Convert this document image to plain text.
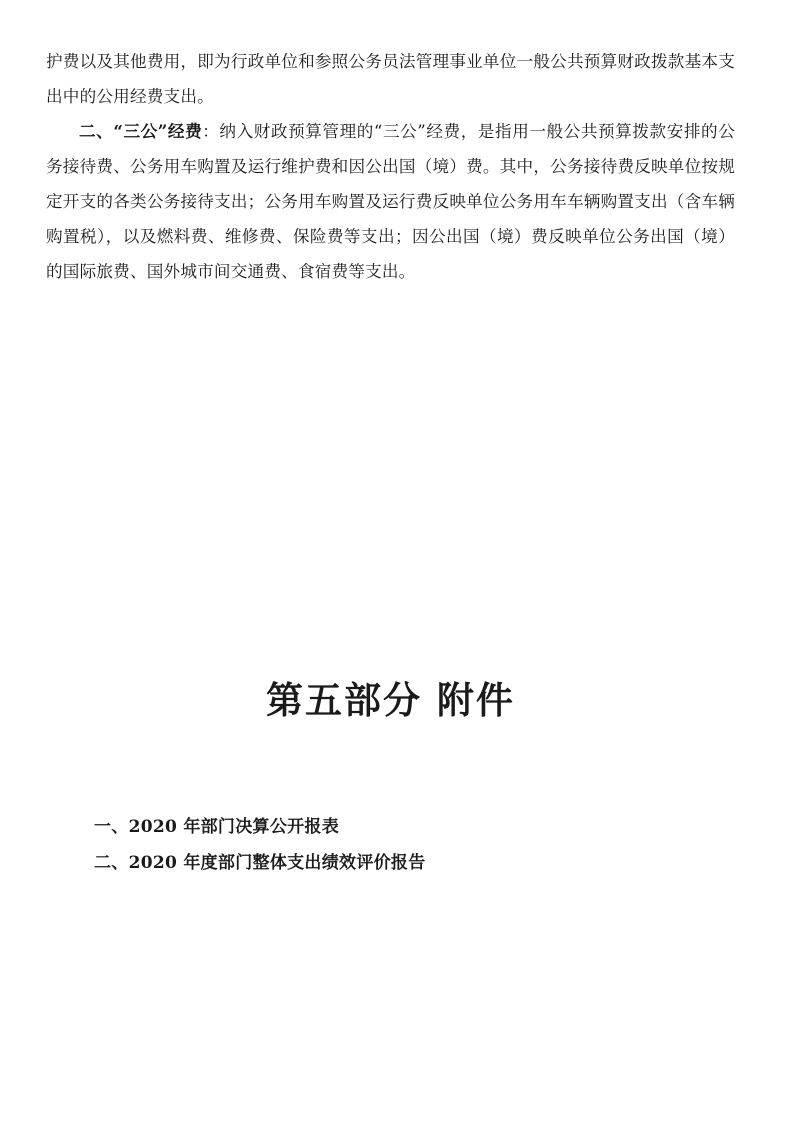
护费以及其他费用，即为行政单位和参照公务员法管理事业单位一般公共预算财政拨款基本支出中的公用经费支出。

二、“三公”经费：纳入财政预算管理的“三公”经费，是指用一般公共预算拨款安排的公务接待费、公务用车购置及运行维护费和因公出国（境）费。其中，公务接待费反映单位按规定开支的各类公务接待支出；公务用车购置及运行费反映单位公务用车车辆购置支出（含车辆购置税），以及燃料费、维修费、保险费等支出；因公出国（境）费反映单位公务出国（境）的国际旅费、国外城市间交通费、食宿费等支出。

第五部分 附件
一、2020 年部门决算公开报表
二、2020 年度部门整体支出绩效评价报告
